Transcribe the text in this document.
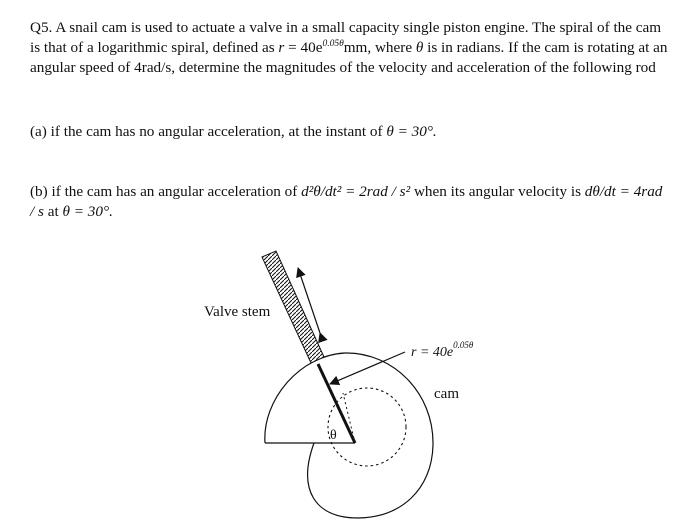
Q5. A snail cam is used to actuate a valve in a small capacity single piston engine. The spiral of the cam is that of a logarithmic spiral, defined as $r = 40e^{0.05\theta}mm$, where θ is in radians. If the cam is rotating at an angular speed of 4rad/s, determine the magnitudes of the velocity and acceleration of the following rod
(a) if the cam has no angular acceleration, at the instant of θ = 30°.
(b) if the cam has an angular acceleration of d²θ/dt² = 2rad / s² when its angular velocity is dθ/dt = 4rad / s at θ = 30°.
Valve stem
$r = 40e^{0.05\theta}$
cam
θ
